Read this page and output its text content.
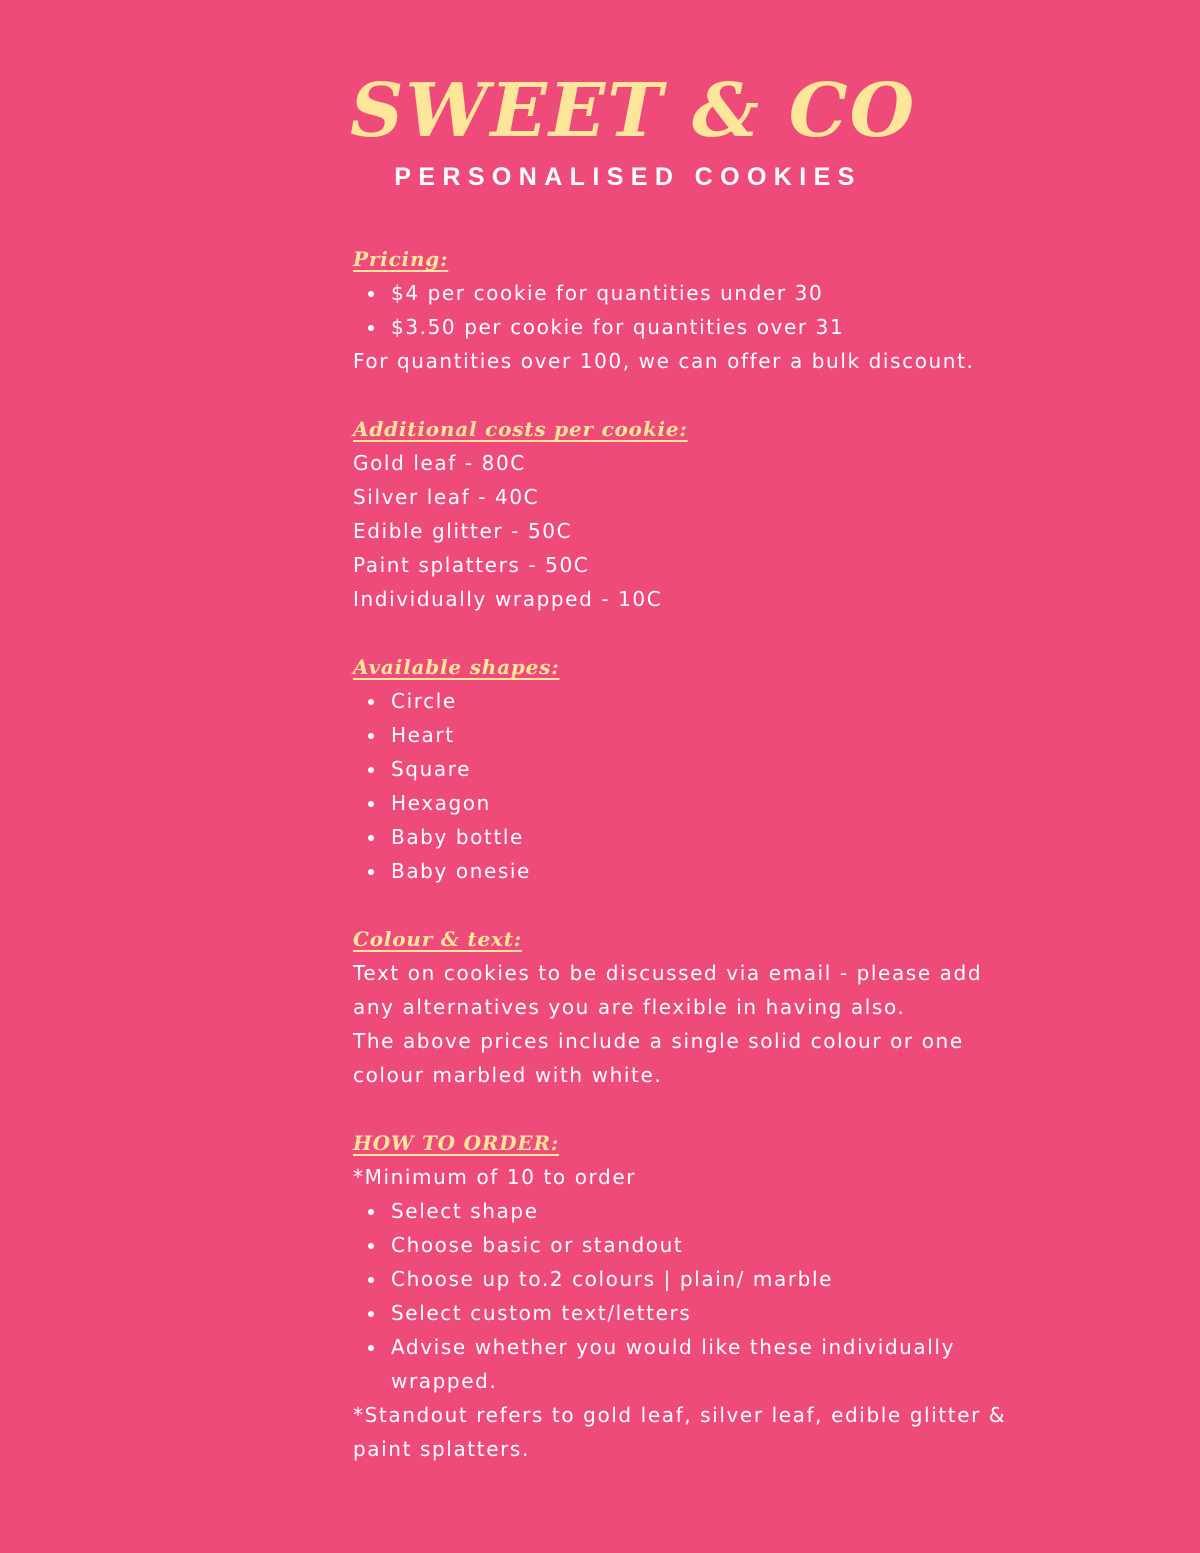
SWEET & CO
PERSONALISED COOKIES
Pricing:
$4 per cookie for quantities under 30
$3.50 per cookie for quantities over 31
For quantities over 100, we can offer a bulk discount.
Additional costs per cookie:
Gold leaf - 80C
Silver leaf - 40C
Edible glitter - 50C
Paint splatters - 50C
Individually wrapped - 10C
Available shapes:
Circle
Heart
Square
Hexagon
Baby bottle
Baby onesie
Colour & text:
Text on cookies to be discussed via email - please add
any alternatives you are flexible in having also.
The above prices include a single solid colour or one
colour marbled with white.
HOW TO ORDER:
*Minimum of 10 to order
Select shape
Choose basic or standout
Choose up to.2 colours | plain/ marble
Select custom text/letters
Advise whether you would like these individually wrapped.
*Standout refers to gold leaf, silver leaf, edible glitter & paint splatters.
